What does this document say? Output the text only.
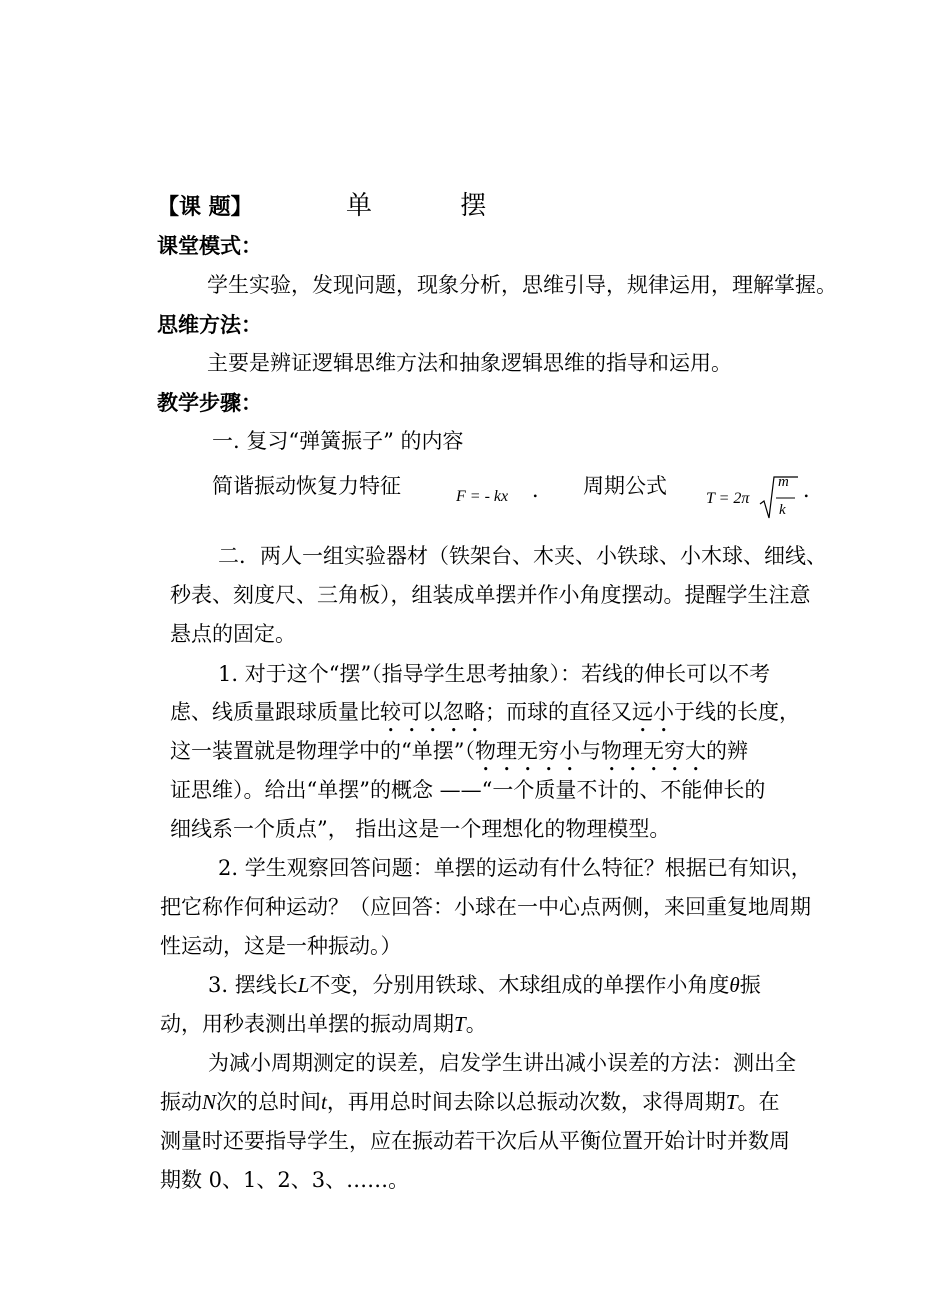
【课 题】	单 摆
课堂模式：
学生实验，发现问题，现象分析，思维引导，规律运用，理解掌握。
思维方法：
主要是辨证逻辑思维方法和抽象逻辑思维的指导和运用。
教学步骤：
一. 复习“弹簧振子” 的内容
简谐振动恢复力特征	F = - kx ． 周期公式
T = 2π
m
k
．
二．两人一组实验器材（铁架台、木夹、小铁球、小木球、细线、
秒表、刻度尺、三角板），组装成单摆并作小角度摆动。提醒学生注意
悬点的固定。
1. 对于这个“摆”（指导学生思考抽象）：若线的伸长可以不考
虑、线质量跟球质量比较可以忽略；而球的直径又远小于线的长度，
这一装置就是物理学中的“单摆”（物理无穷小与物理无穷大的辨
证思维）。给出“单摆”的概念 ——“一个质量不计的、不能伸长的
细线系一个质点”， 指出这是一个理想化的物理模型。
2. 学生观察回答问题：单摆的运动有什么特征？根据已有知识，
把它称作何种运动？（应回答：小球在一中心点两侧，来回重复地周期
性运动，这是一种振动。）
3. 摆线长L不变，分别用铁球、木球组成的单摆作小角度θ振
动，用秒表测出单摆的振动周期T。
为减小周期测定的误差，启发学生讲出减小误差的方法：测出全
振动N次的总时间t，再用总时间去除以总振动次数，求得周期T。在
测量时还要指导学生，应在振动若干次后从平衡位置开始计时并数周
期数 0、1、2、3、……。
